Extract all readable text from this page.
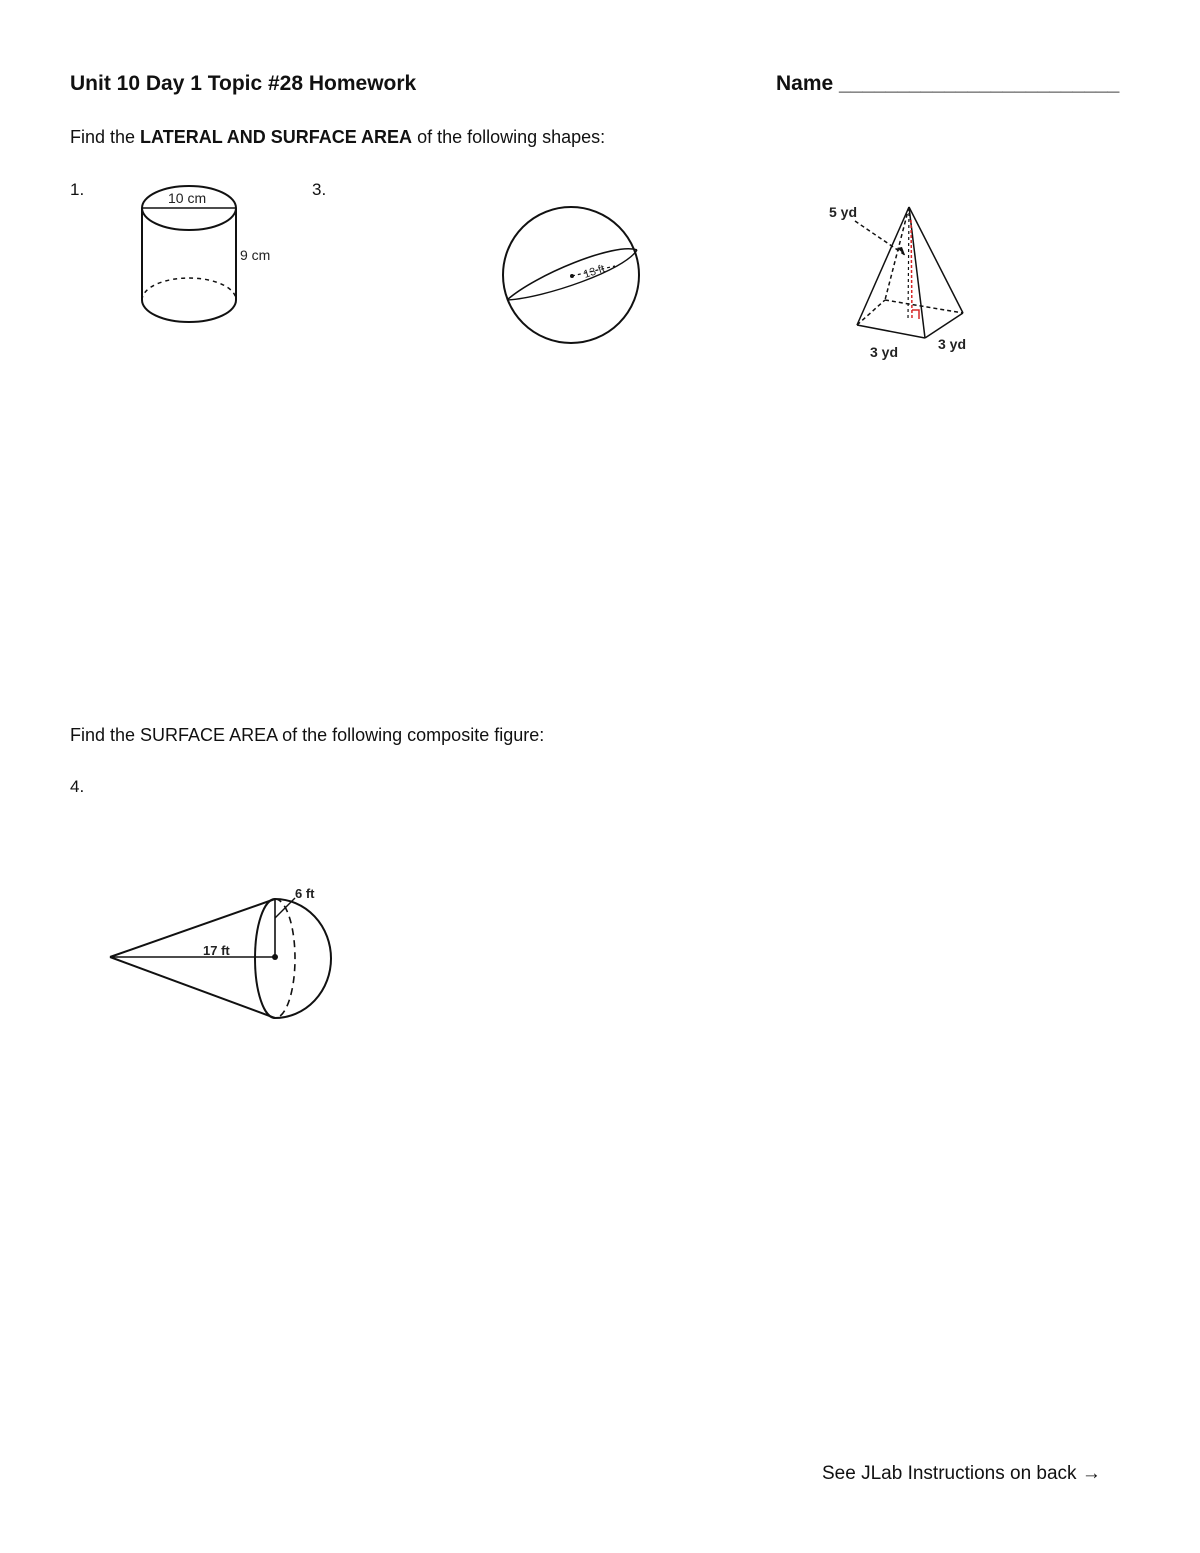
Unit 10 Day 1 Topic #28 Homework	Name ________________________
Find the LATERAL AND SURFACE AREA of the following shapes:
1.	3.
10 cm
9 cm
13 ft
5 yd
3 yd	3 yd
Find the SURFACE AREA of the following composite figure:
4.
6 ft
17 ft
See JLab Instructions on back →
